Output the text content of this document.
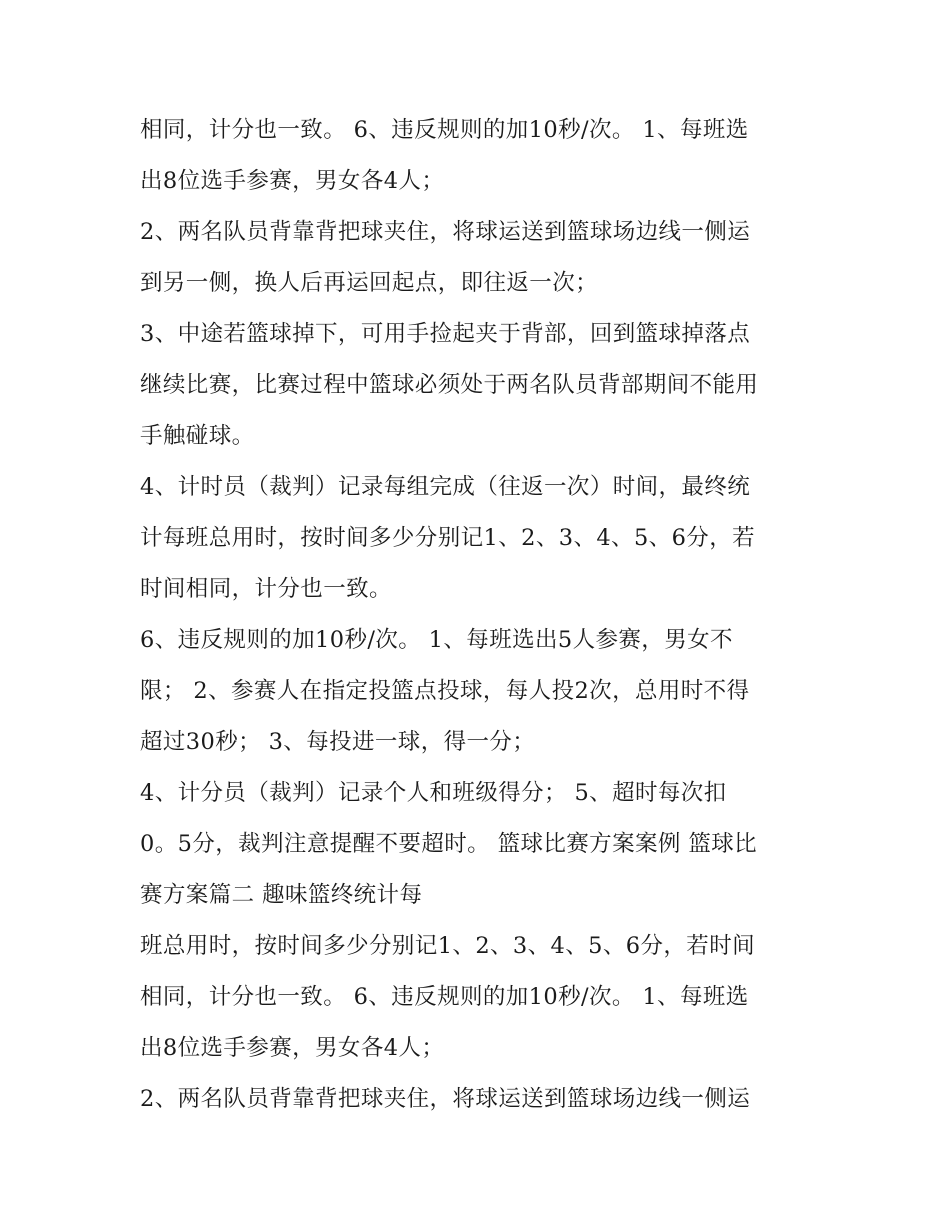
相同，计分也一致。 6、违反规则的加10秒/次。 1、每班选
出8位选手参赛，男女各4人；
2、两名队员背靠背把球夹住，将球运送到篮球场边线一侧运
到另一侧，换人后再运回起点，即往返一次；
3、中途若篮球掉下，可用手捡起夹于背部，回到篮球掉落点
继续比赛，比赛过程中篮球必须处于两名队员背部期间不能用
手触碰球。
4、计时员（裁判）记录每组完成（往返一次）时间，最终统
计每班总用时，按时间多少分别记1、2、3、4、5、6分，若
时间相同，计分也一致。
6、违反规则的加10秒/次。 1、每班选出5人参赛，男女不
限； 2、参赛人在指定投篮点投球，每人投2次，总用时不得
超过30秒； 3、每投进一球，得一分；
4、计分员（裁判）记录个人和班级得分； 5、超时每次扣
0。5分，裁判注意提醒不要超时。 篮球比赛方案案例 篮球比
赛方案篇二 趣味篮终统计每
班总用时，按时间多少分别记1、2、3、4、5、6分，若时间
相同，计分也一致。 6、违反规则的加10秒/次。 1、每班选
出8位选手参赛，男女各4人；
2、两名队员背靠背把球夹住，将球运送到篮球场边线一侧运
